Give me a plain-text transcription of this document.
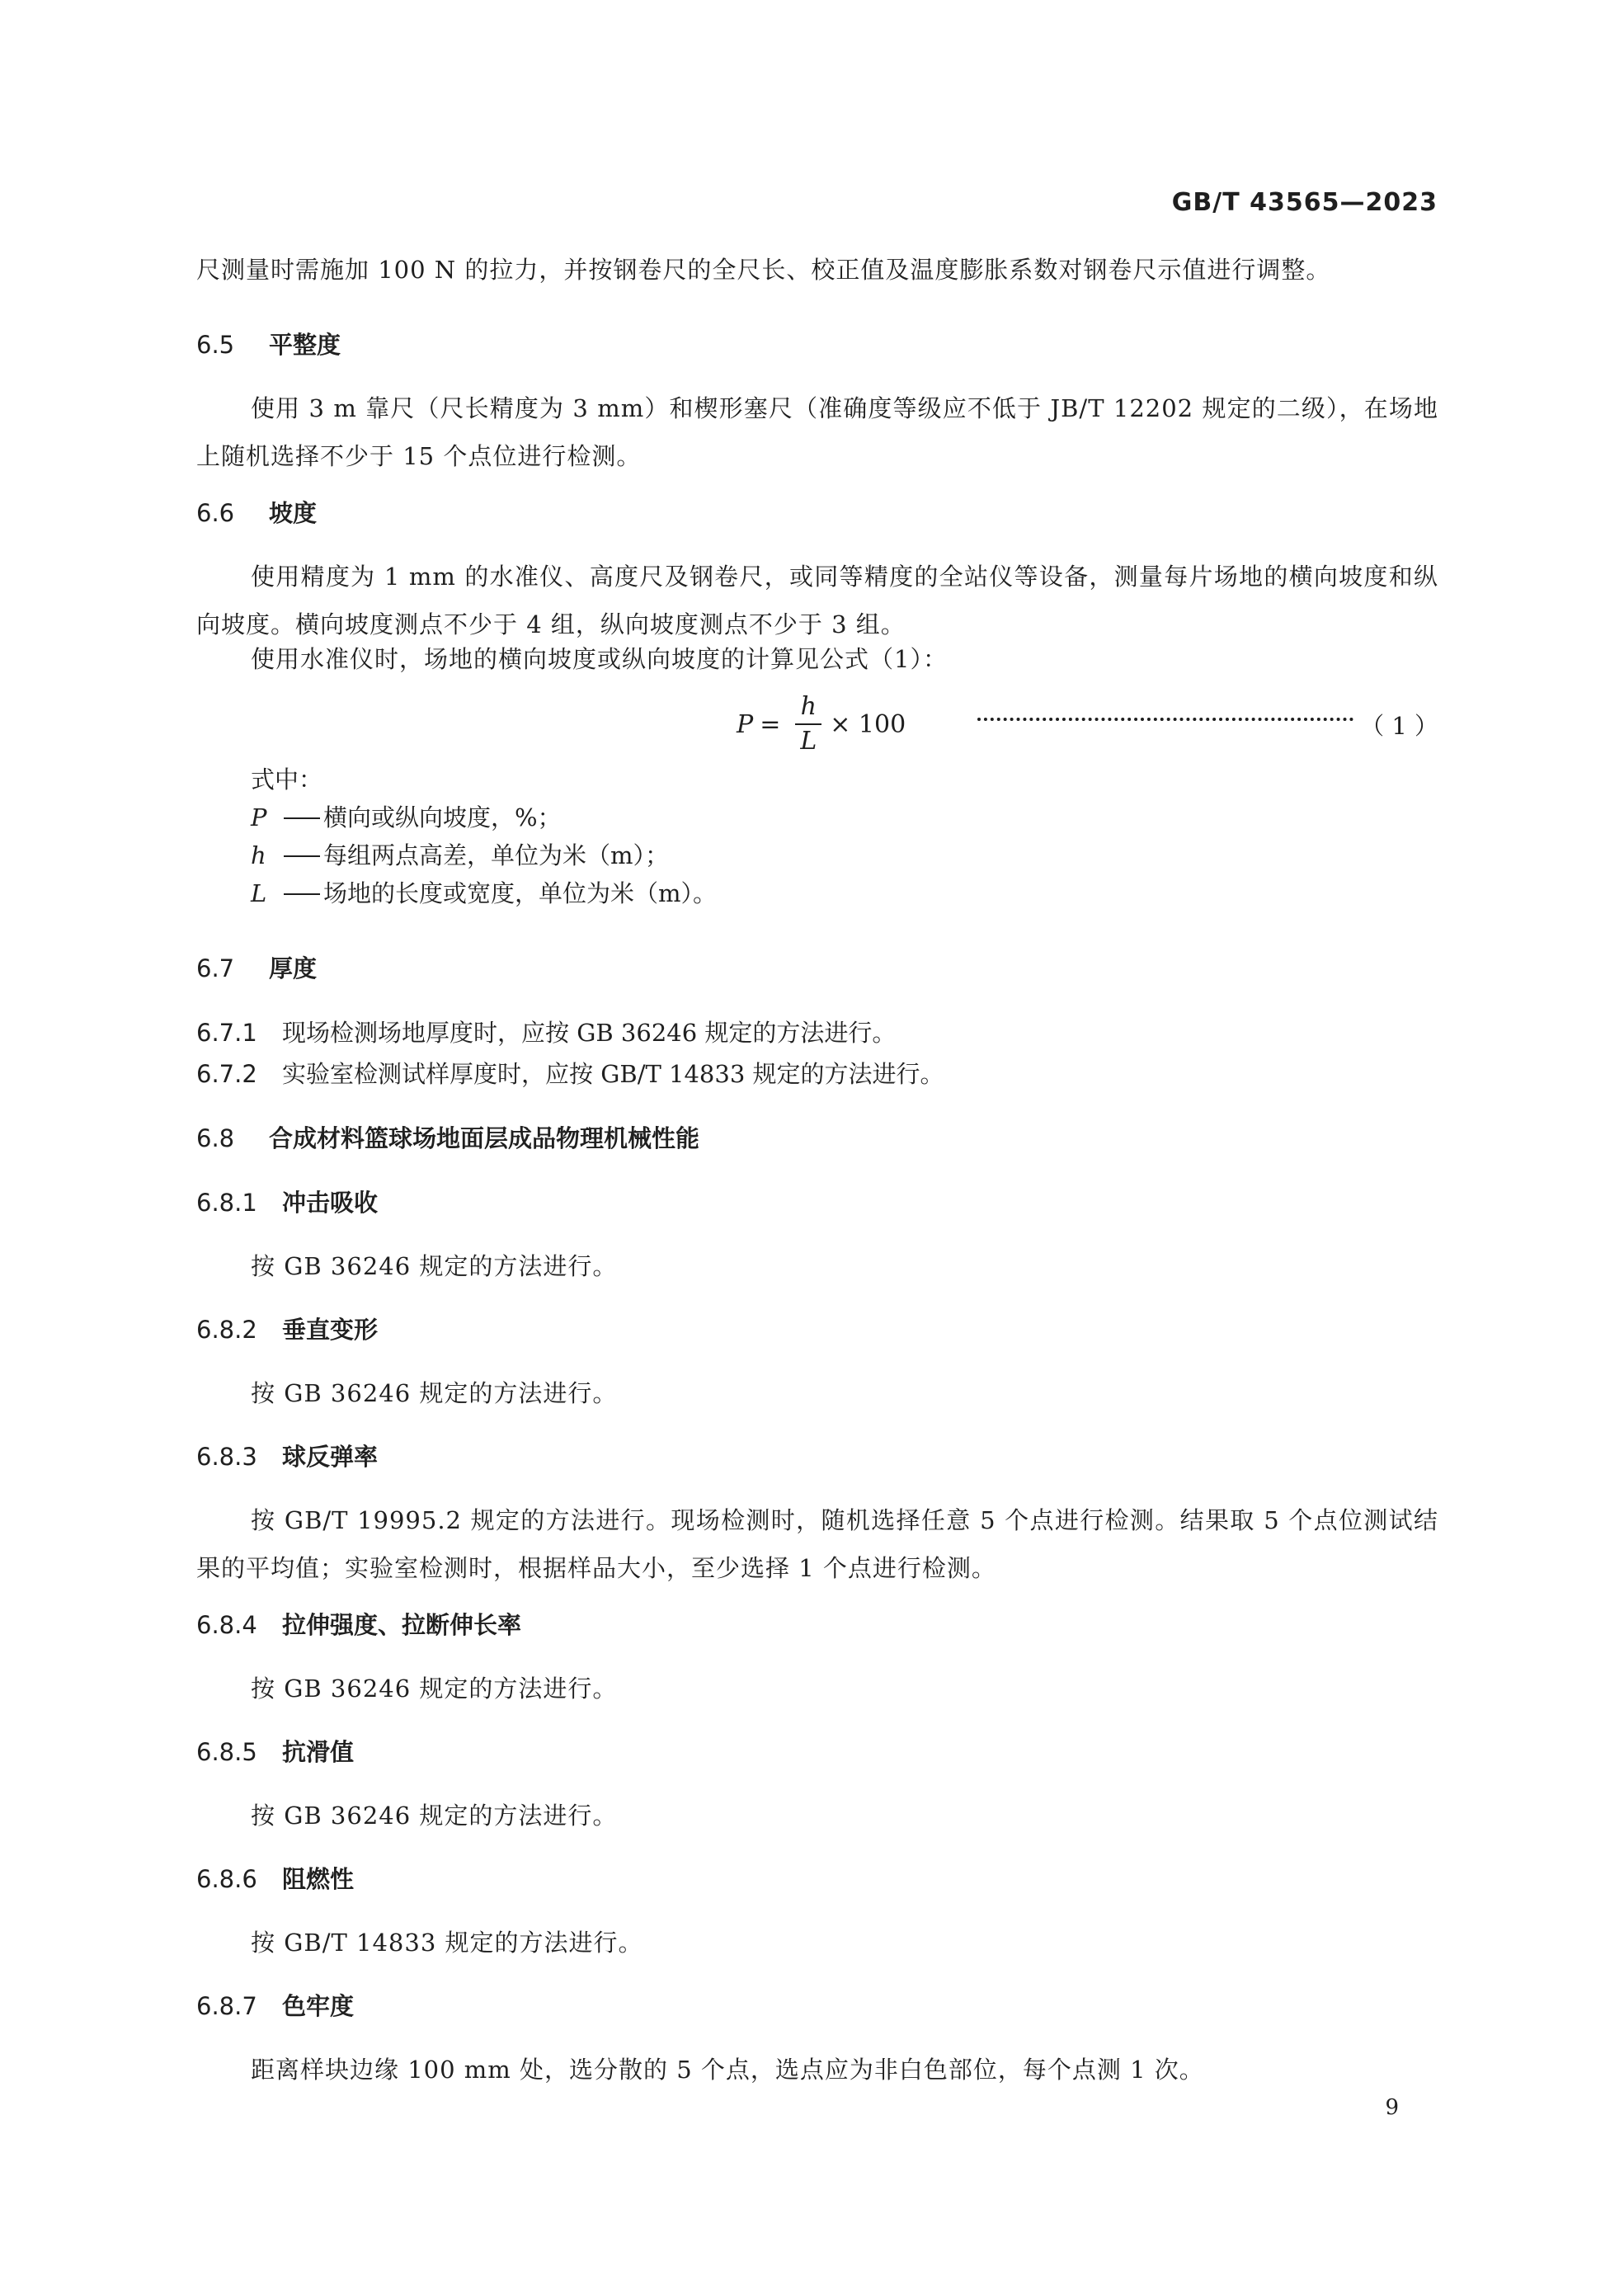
GB/T 43565—2023
尺测量时需施加 100 N 的拉力，并按钢卷尺的全尺长、校正值及温度膨胀系数对钢卷尺示值进行调整。
6.5 平整度
使用 3 m 靠尺（尺长精度为 3 mm）和楔形塞尺（准确度等级应不低于 JB/T 12202 规定的二级），在场地上随机选择不少于 15 个点位进行检测。
6.6 坡度
使用精度为 1 mm 的水准仪、高度尺及钢卷尺，或同等精度的全站仪等设备，测量每片场地的横向坡度和纵向坡度。横向坡度测点不少于 4 组，纵向坡度测点不少于 3 组。
使用水准仪时，场地的横向坡度或纵向坡度的计算见公式（1）：
$P = \frac{h}{L} \times 100$	（ 1 ）
式中：
P 横向或纵向坡度，%；
h 每组两点高差，单位为米（m）；
L 场地的长度或宽度，单位为米（m）。
6.7 厚度
6.7.1 现场检测场地厚度时，应按 GB 36246 规定的方法进行。
6.7.2 实验室检测试样厚度时，应按 GB/T 14833 规定的方法进行。
6.8 合成材料篮球场地面层成品物理机械性能
6.8.1 冲击吸收
按 GB 36246 规定的方法进行。
6.8.2 垂直变形
按 GB 36246 规定的方法进行。
6.8.3 球反弹率
按 GB/T 19995.2 规定的方法进行。现场检测时，随机选择任意 5 个点进行检测。结果取 5 个点位测试结果的平均值；实验室检测时，根据样品大小，至少选择 1 个点进行检测。
6.8.4 拉伸强度、拉断伸长率
按 GB 36246 规定的方法进行。
6.8.5 抗滑值
按 GB 36246 规定的方法进行。
6.8.6 阻燃性
按 GB/T 14833 规定的方法进行。
6.8.7 色牢度
距离样块边缘 100 mm 处，选分散的 5 个点，选点应为非白色部位，每个点测 1 次。
9
